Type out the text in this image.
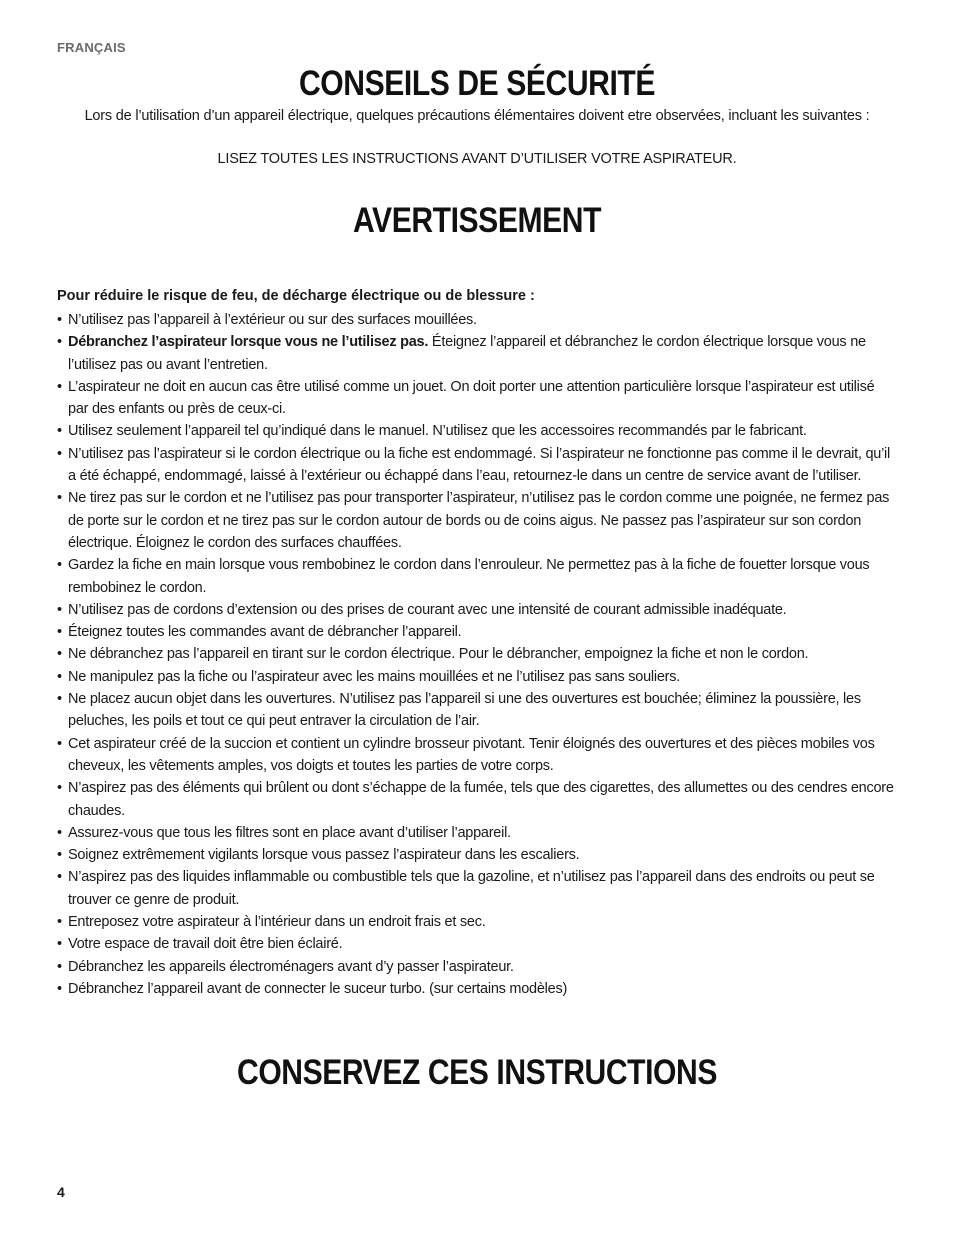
FRANÇAIS
CONSEILS DE SÉCURITÉ
Lors de l’utilisation d’un appareil électrique, quelques précautions élémentaires doivent etre observées, incluant les suivantes :
LISEZ TOUTES LES INSTRUCTIONS AVANT D’UTILISER VOTRE ASPIRATEUR.
AVERTISSEMENT
Pour réduire le risque de feu, de décharge électrique ou de blessure :
• N’utilisez pas l’appareil à l’extérieur ou sur des surfaces mouillées.
• Débranchez l’aspirateur lorsque vous ne l’utilisez pas. Éteignez l’appareil et débranchez le cordon électrique lorsque vous ne l’utilisez pas ou avant l’entretien.
• L’aspirateur ne doit en aucun cas être utilisé comme un jouet. On doit porter une attention particulière lorsque l’aspirateur est utilisé par des enfants ou près de ceux-ci.
• Utilisez seulement l’appareil tel qu’indiqué dans le manuel. N’utilisez que les accessoires recommandés par le fabricant.
• N’utilisez pas l’aspirateur si le cordon électrique ou la fiche est endommagé. Si l’aspirateur ne fonctionne pas comme il le devrait, qu’il a été échappé, endommagé, laissé à l’extérieur ou échappé dans l’eau, retournez-le dans un centre de service avant de l’utiliser.
• Ne tirez pas sur le cordon et ne l’utilisez pas pour transporter l’aspirateur, n’utilisez pas le cordon comme une poignée, ne fermez pas de porte sur le cordon et ne tirez pas sur le cordon autour de bords ou de coins aigus. Ne passez pas l’aspirateur sur son cordon électrique. Éloignez le cordon des surfaces chauffées.
• Gardez la fiche en main lorsque vous rembobinez le cordon dans l’enrouleur. Ne permettez pas à la fiche de fouetter lorsque vous rembobinez le cordon.
• N’utilisez pas de cordons d’extension ou des prises de courant avec une intensité de courant admissible inadéquate.
• Éteignez toutes les commandes avant de débrancher l’appareil.
• Ne débranchez pas l’appareil en tirant sur le cordon électrique. Pour le débrancher, empoignez la fiche et non le cordon.
• Ne manipulez pas la fiche ou l’aspirateur avec les mains mouillées et ne l’utilisez pas sans souliers.
• Ne placez aucun objet dans les ouvertures. N’utilisez pas l’appareil si une des ouvertures est bouchée; éliminez la poussière, les peluches, les poils et tout ce qui peut entraver la circulation de l’air.
• Cet aspirateur créé de la succion et contient un cylindre brosseur pivotant. Tenir éloignés des ouvertures et des pièces mobiles vos cheveux, les vêtements amples, vos doigts et toutes les parties de votre corps.
• N’aspirez pas des éléments qui brûlent ou dont s’échappe de la fumée, tels que des cigarettes, des allumettes ou des cendres encore chaudes.
• Assurez-vous que tous les filtres sont en place avant d’utiliser l’appareil.
• Soignez extrêmement vigilants lorsque vous passez l’aspirateur dans les escaliers.
• N’aspirez pas des liquides inflammable ou combustible tels que la gazoline, et n’utilisez pas l’appareil dans des endroits ou peut se trouver ce genre de produit.
• Entreposez votre aspirateur à l’intérieur dans un endroit frais et sec.
• Votre espace de travail doit être bien éclairé.
• Débranchez les appareils électroménagers avant d’y passer l’aspirateur.
• Débranchez l’appareil avant de connecter le suceur turbo. (sur certains modèles)
CONSERVEZ CES INSTRUCTIONS
4
